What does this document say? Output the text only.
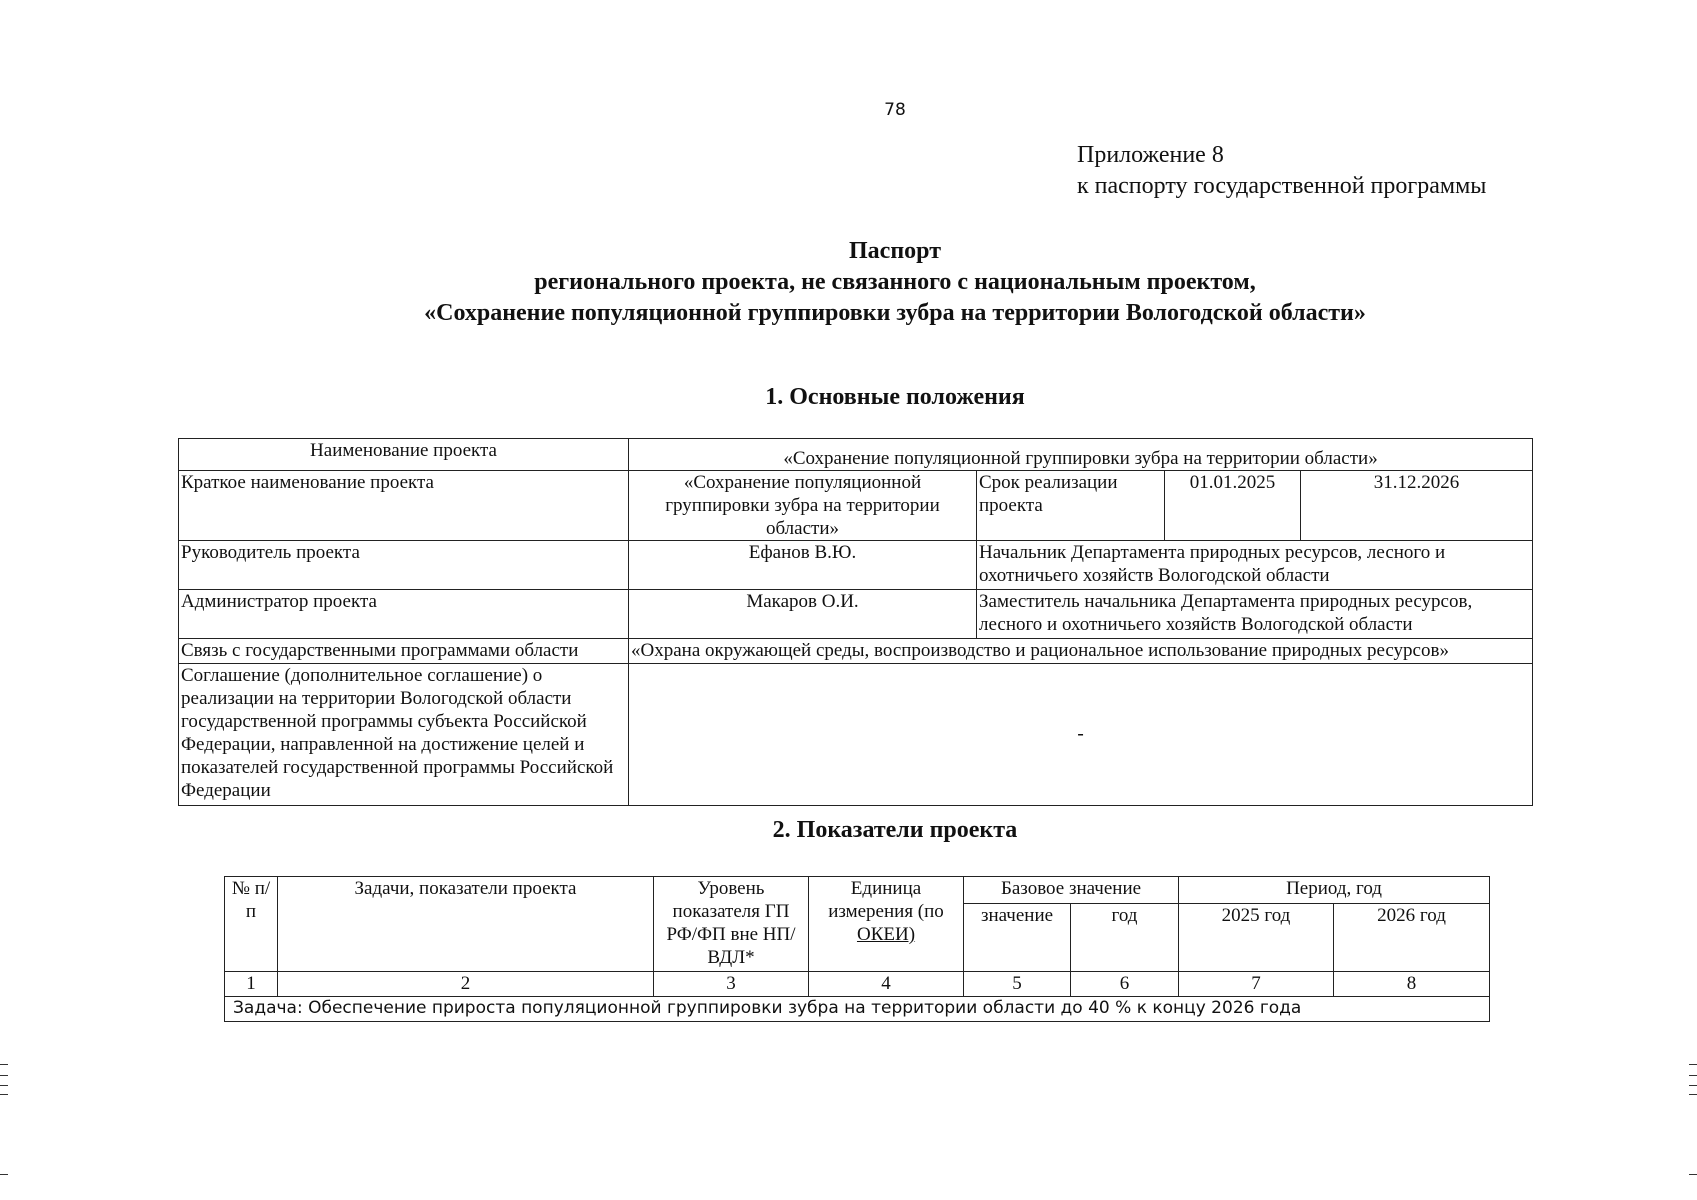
78
Приложение 8
к паспорту государственной программы
Паспорт
регионального проекта, не связанного с национальным проектом,
«Сохранение популяционной группировки зубра на территории Вологодской области»
1. Основные положения
Наименование проекта	«Сохранение популяционной группировки зубра на территории области»			
Краткое наименование проекта	«Сохранение популяционной группировки зубра на территории области»	Срок реализации проекта	01.01.2025	31.12.2026
Руководитель проекта	Ефанов В.Ю.	Начальник Департамента природных ресурсов, лесного и охотничьего хозяйств Вологодской области		
Администратор проекта	Макаров О.И.	Заместитель начальника Департамента природных ресурсов, лесного и охотничьего хозяйств Вологодской области		
Связь с государственными программами области	«Охрана окружающей среды, воспроизводство и рациональное использование природных ресурсов»			
Соглашение (дополнительное соглашение) о реализации на территории Вологодской области государственной программы субъекта Российской Федерации, направленной на достижение целей и показателей государственной программы Российской Федерации	-			
2. Показатели проекта
№ п/п	Задачи, показатели проекта	Уровень показателя ГП РФ/ФП вне НП/ВДЛ*	Единица измерения (по ОКЕИ)	Базовое значение		Период, год	
				значение	год	2025 год	2026 год
1	2	3	4	5	6	7	8
Задача: Обеспечение прироста популяционной группировки зубра на территории области до 40 % к концу 2026 года							
